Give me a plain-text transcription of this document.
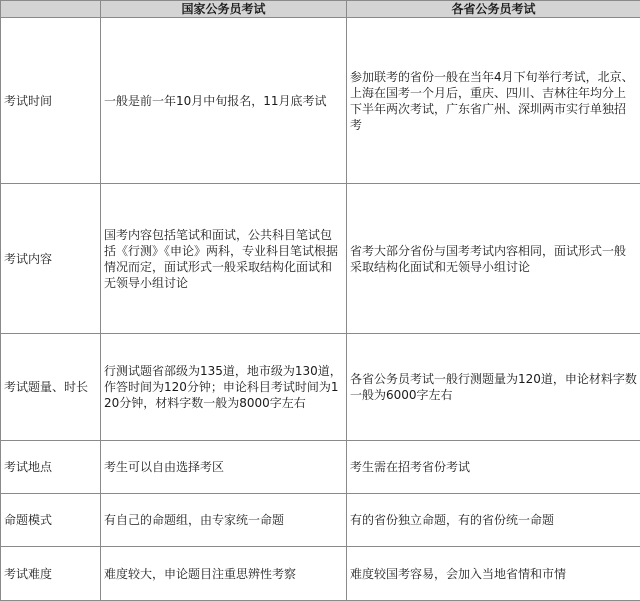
	国家公务员考试	各省公务员考试
考试时间	一般是前一年10月中旬报名，11月底考试	参加联考的省份一般在当年4月下旬举行考试，北京、上海在国考一个月后，重庆、四川、吉林往年均分上下半年两次考试，广东省广州、深圳两市实行单独招考
考试内容	国考内容包括笔试和面试，公共科目笔试包括《行测》《申论》两科，专业科目笔试根据情况而定，面试形式一般采取结构化面试和无领导小组讨论	省考大部分省份与国考考试内容相同，面试形式一般采取结构化面试和无领导小组讨论
考试题量、时长	行测试题省部级为135道，地市级为130道，作答时间为120分钟；申论科目考试时间为120分钟，材料字数一般为8000字左右	各省公务员考试一般行测题量为120道，申论材料字数一般为6000字左右
考试地点	考生可以自由选择考区	考生需在招考省份考试
命题模式	有自己的命题组，由专家统一命题	有的省份独立命题，有的省份统一命题
考试难度	难度较大，申论题目注重思辨性考察	难度较国考容易，会加入当地省情和市情
